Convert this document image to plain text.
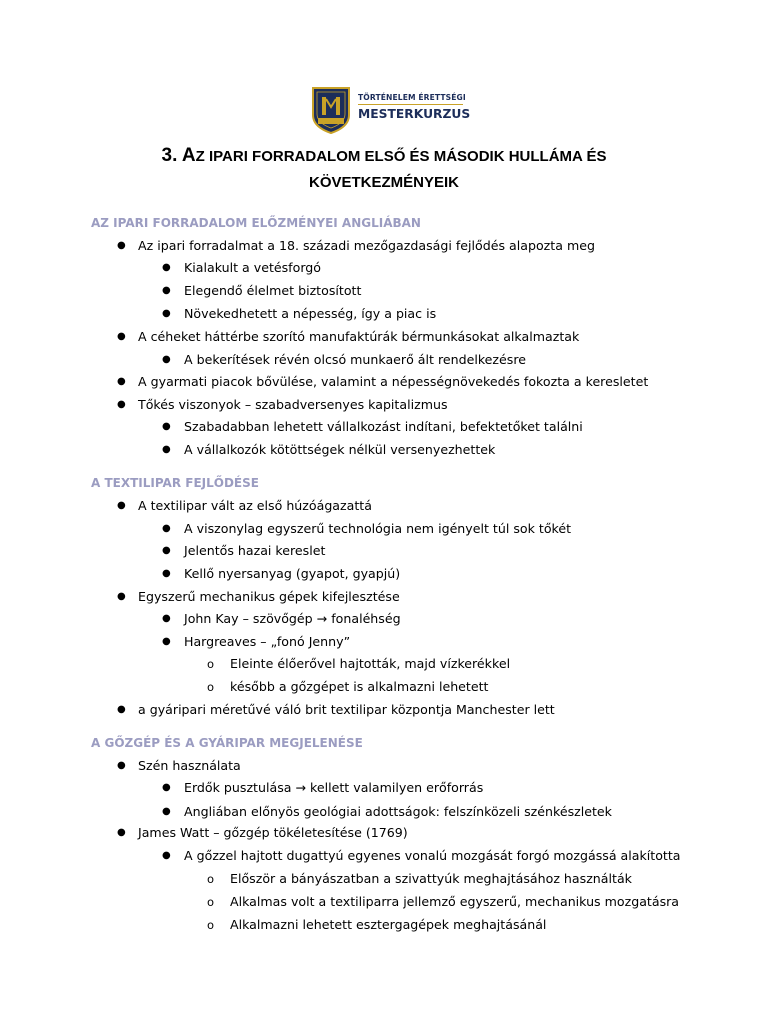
TÖRTÉNELEM ÉRETTSÉGI
MESTERKURZUS
3. AZ IPARI FORRADALOM ELSŐ ÉS MÁSODIK HULLÁMA ÉS
KÖVETKEZMÉNYEIK
AZ IPARI FORRADALOM ELŐZMÉNYEI ANGLIÁBAN
● Az ipari forradalmat a 18. századi mezőgazdasági fejlődés alapozta meg
● Kialakult a vetésforgó
● Elegendő élelmet biztosított
● Növekedhetett a népesség, így a piac is
● A céheket háttérbe szorító manufaktúrák bérmunkásokat alkalmaztak
● A bekerítések révén olcsó munkaerő ált rendelkezésre
● A gyarmati piacok bővülése, valamint a népességnövekedés fokozta a keresletet
● Tőkés viszonyok – szabadversenyes kapitalizmus
● Szabadabban lehetett vállalkozást indítani, befektetőket találni
● A vállalkozók kötöttségek nélkül versenyezhettek
A TEXTILIPAR FEJLŐDÉSE
● A textilipar vált az első húzóágazattá
● A viszonylag egyszerű technológia nem igényelt túl sok tőkét
● Jelentős hazai kereslet
● Kellő nyersanyag (gyapot, gyapjú)
● Egyszerű mechanikus gépek kifejlesztése
● John Kay – szövőgép → fonaléhség
● Hargreaves – „fonó Jenny”
o Eleinte élőerővel hajtották, majd vízkerékkel
o később a gőzgépet is alkalmazni lehetett
● a gyáripari méretűvé váló brit textilipar központja Manchester lett
A GŐZGÉP ÉS A GYÁRIPAR MEGJELENÉSE
● Szén használata
● Erdők pusztulása → kellett valamilyen erőforrás
● Angliában előnyös geológiai adottságok: felszínközeli szénkészletek
● James Watt – gőzgép tökéletesítése (1769)
● A gőzzel hajtott dugattyú egyenes vonalú mozgását forgó mozgássá alakította
o Először a bányászatban a szivattyúk meghajtásához használták
o Alkalmas volt a textiliparra jellemző egyszerű, mechanikus mozgatásra
o Alkalmazni lehetett esztergagépek meghajtásánál
